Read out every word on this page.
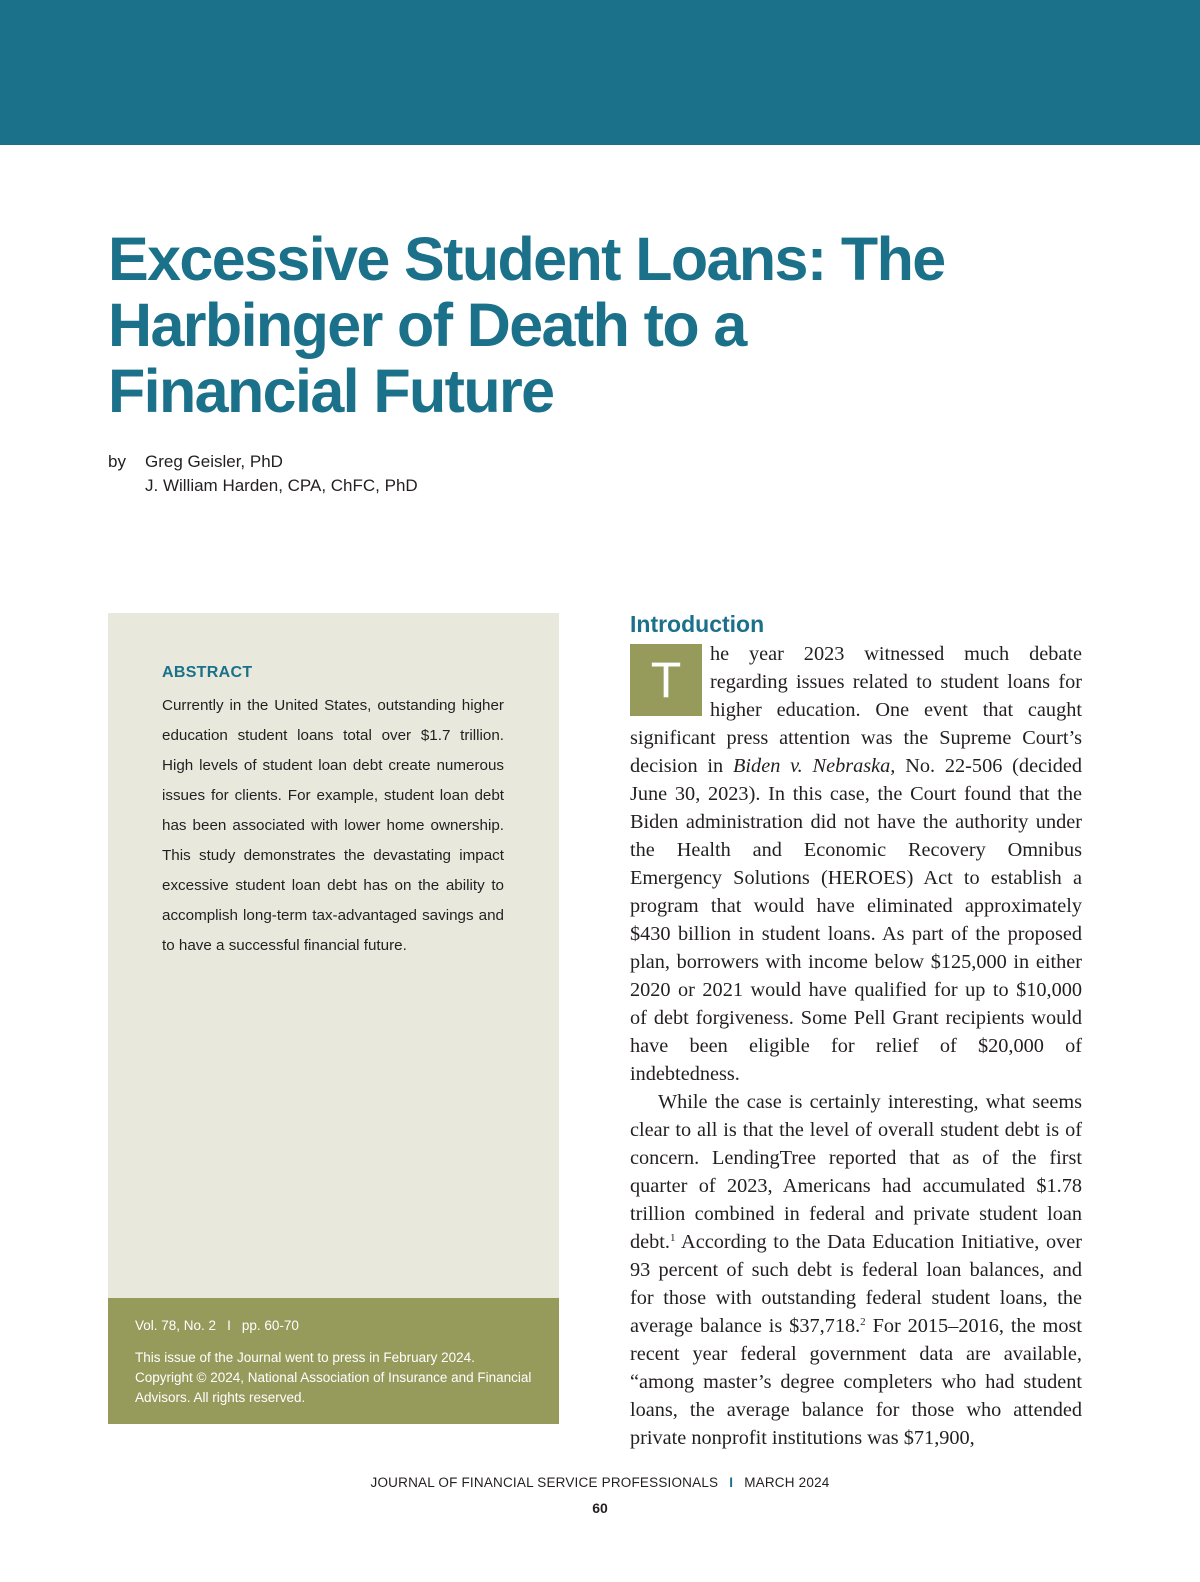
Excessive Student Loans: The Harbinger of Death to a Financial Future
by	Greg Geisler, PhD
J. William Harden, CPA, ChFC, PhD
ABSTRACT

Currently in the United States, outstanding higher education student loans total over $1.7 trillion. High levels of student loan debt create numerous issues for clients. For example, student loan debt has been associated with lower home ownership. This study demonstrates the devastating impact excessive student loan debt has on the ability to accomplish long-term tax-advantaged savings and to have a successful financial future.

Vol. 78, No. 2 I pp. 60-70

This issue of the Journal went to press in February 2024. Copyright © 2024, National Association of Insurance and Financial Advisors. All rights reserved.

Introduction

T	he year 2023 witnessed much debate regarding issues related to student loans for higher education. One event that caught significant press attention was the Supreme Court’s decision in Biden v. Nebraska, No. 22-506 (decided June 30, 2023). In this case, the Court found that the Biden administration did not have the authority under the Health and Economic Recovery Omnibus Emergency Solutions (HEROES) Act to establish a program that would have eliminated approximately $430 billion in student loans. As part of the proposed plan, borrowers with income below $125,000 in either 2020 or 2021 would have qualified for up to $10,000 of debt forgiveness. Some Pell Grant recipients would have been eligible for relief of $20,000 of indebtedness.

While the case is certainly interesting, what seems clear to all is that the level of overall student debt is of concern. LendingTree reported that as of the first quarter of 2023, Americans had accumulated $1.78 trillion combined in federal and private student loan debt.$^1$ According to the Data Education Initiative, over 93 percent of such debt is federal loan balances, and for those with outstanding federal student loans, the average balance is $37,718.$^2$ For 2015–2016, the most recent year federal government data are available, “among master’s degree completers who had student loans, the average balance for those who attended private nonprofit institutions was $71,900,

JOURNAL OF FINANCIAL SERVICE PROFESSIONALS I MARCH 2024
60
